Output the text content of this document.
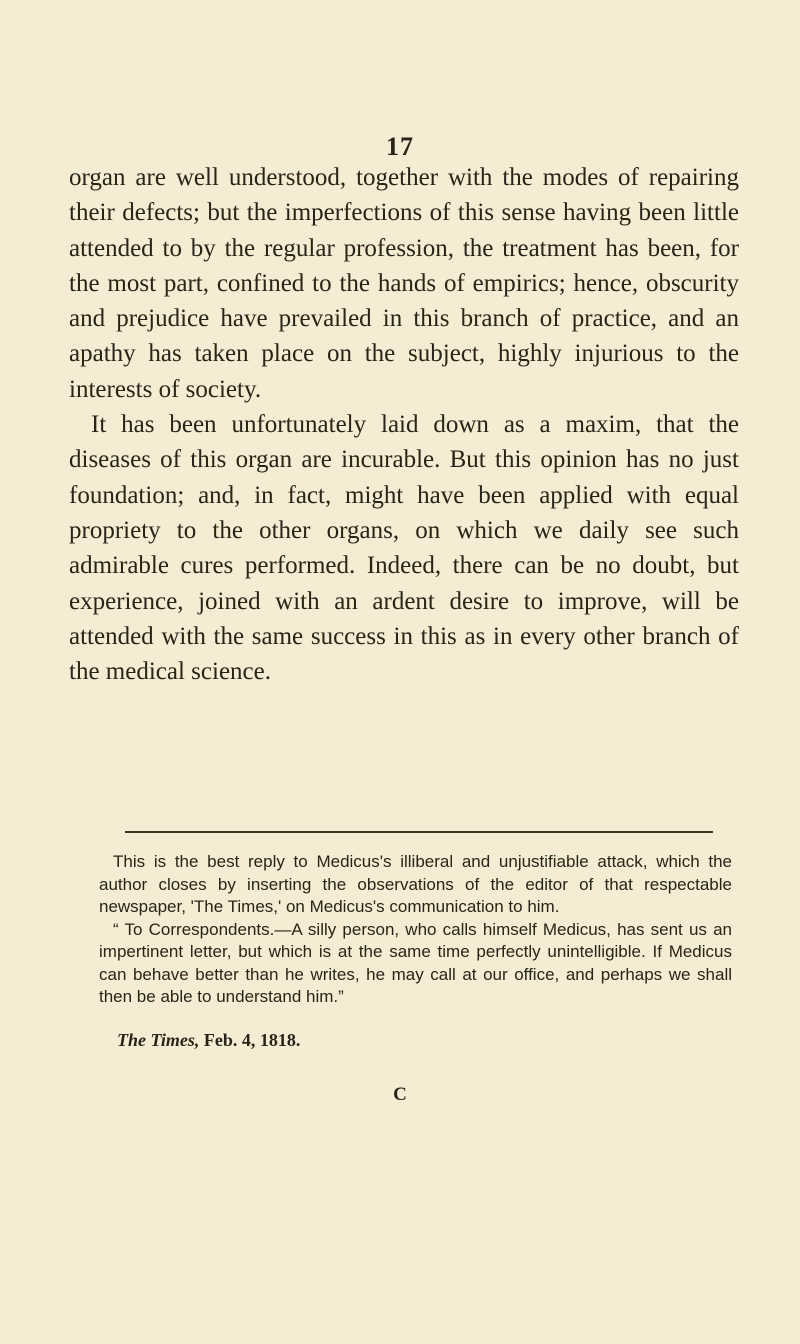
17

organ are well understood, together with the modes of repairing their defects; but the imperfections of this sense having been little attended to by the regular profession, the treatment has been, for the most part, confined to the hands of empirics; hence, obscurity and prejudice have prevailed in this branch of practice, and an apathy has taken place on the subject, highly injurious to the interests of society.

It has been unfortunately laid down as a maxim, that the diseases of this organ are incurable. But this opinion has no just foundation; and, in fact, might have been applied with equal propriety to the other organs, on which we daily see such admirable cures performed. Indeed, there can be no doubt, but experience, joined with an ardent desire to improve, will be attended with the same success in this as in every other branch of the medical science.

This is the best reply to Medicus's illiberal and unjustifiable attack, which the author closes by inserting the observations of the editor of that respectable newspaper, 'The Times,' on Medicus's communication to him.

“ To Correspondents.—A silly person, who calls himself Medicus, has sent us an impertinent letter, but which is at the same time perfectly unintelligible. If Medicus can behave better than he writes, he may call at our office, and perhaps we shall then be able to understand him.”

The Times, Feb. 4, 1818.
C
